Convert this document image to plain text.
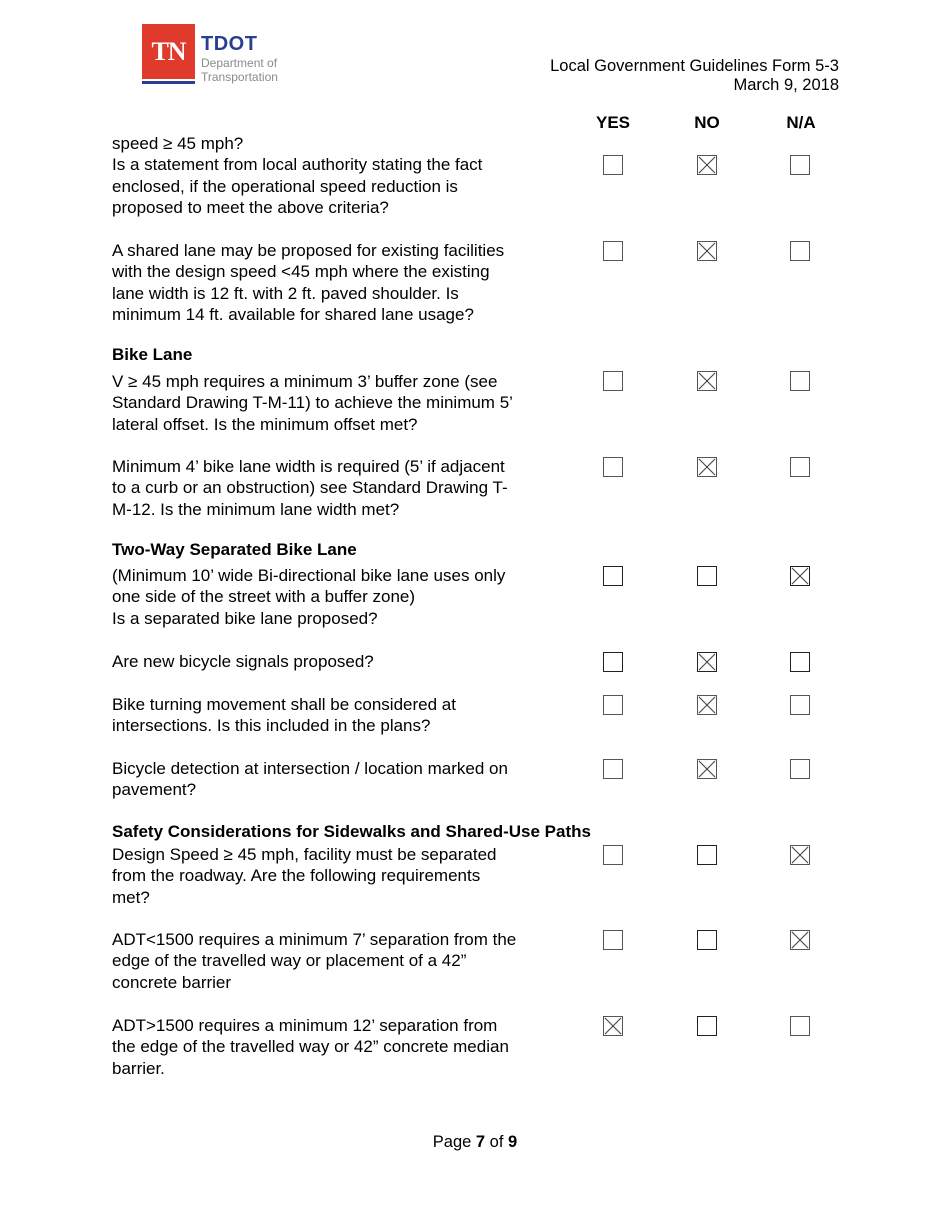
TN TDOT
Department of
Transportation
Local Government Guidelines Form 5-3
March 9, 2018
YES	NO	N/A
Bike Lane
Two-Way Separated Bike Lane
Safety Considerations for Sidewalks and Shared-Use Paths
speed ≥ 45 mph?
Is a statement from local authority stating the fact
enclosed, if the operational speed reduction is
proposed to meet the above criteria?
A shared lane may be proposed for existing facilities
with the design speed <45 mph where the existing
lane width is 12 ft. with 2 ft. paved shoulder. Is
minimum 14 ft. available for shared lane usage?
V ≥ 45 mph requires a minimum 3’ buffer zone (see
Standard Drawing T-M-11) to achieve the minimum 5’
lateral offset. Is the minimum offset met?
Minimum 4’ bike lane width is required (5’ if adjacent
to a curb or an obstruction) see Standard Drawing T-
M-12. Is the minimum lane width met?
(Minimum 10’ wide Bi-directional bike lane uses only
one side of the street with a buffer zone)
Is a separated bike lane proposed?
Are new bicycle signals proposed?
Bike turning movement shall be considered at
intersections. Is this included in the plans?
Bicycle detection at intersection / location marked on
pavement?
Design Speed ≥ 45 mph, facility must be separated
from the roadway. Are the following requirements
met?
ADT<1500 requires a minimum 7’ separation from the
edge of the travelled way or placement of a 42”
concrete barrier
ADT>1500 requires a minimum 12’ separation from
the edge of the travelled way or 42” concrete median
barrier.
Page 7 of 9
